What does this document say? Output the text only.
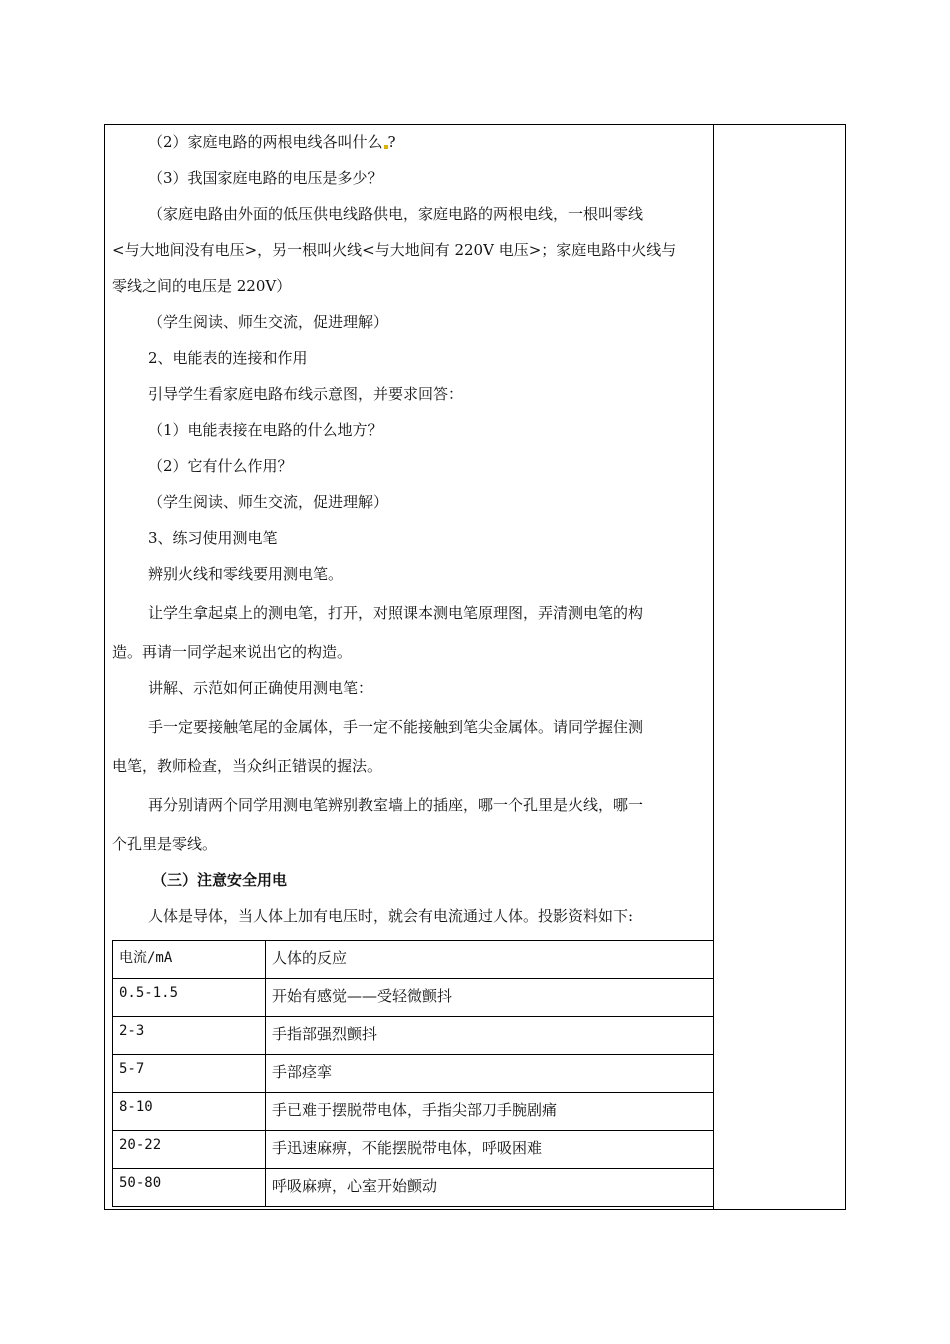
（2）家庭电路的两根电线各叫什么 ?
（3）我国家庭电路的电压是多少？
（家庭电路由外面的低压供电线路供电，家庭电路的两根电线，一根叫零线
<与大地间没有电压>，另一根叫火线<与大地间有 220V 电压>；家庭电路中火线与
零线之间的电压是 220V）
（学生阅读、师生交流，促进理解）
2、电能表的连接和作用
引导学生看家庭电路布线示意图，并要求回答：
（1）电能表接在电路的什么地方？
（2）它有什么作用？
（学生阅读、师生交流，促进理解）
3、练习使用测电笔
辨别火线和零线要用测电笔。
让学生拿起桌上的测电笔，打开，对照课本测电笔原理图，弄清测电笔的构
造。再请一同学起来说出它的构造。
讲解、示范如何正确使用测电笔：
手一定要接触笔尾的金属体，手一定不能接触到笔尖金属体。请同学握住测
电笔，教师检查，当众纠正错误的握法。
再分别请两个同学用测电笔辨别教室墙上的插座，哪一个孔里是火线，哪一
个孔里是零线。
（三）注意安全用电
人体是导体，当人体上加有电压时，就会有电流通过人体。投影资料如下:
电流/mA	人体的反应
0.5-1.5	开始有感觉——受轻微颤抖
2-3	手指部强烈颤抖
5-7	手部痉挛
8-10	手已难于摆脱带电体，手指尖部刀手腕剧痛
20-22	手迅速麻痹，不能摆脱带电体，呼吸困难
50-80	呼吸麻痹，心室开始颤动
